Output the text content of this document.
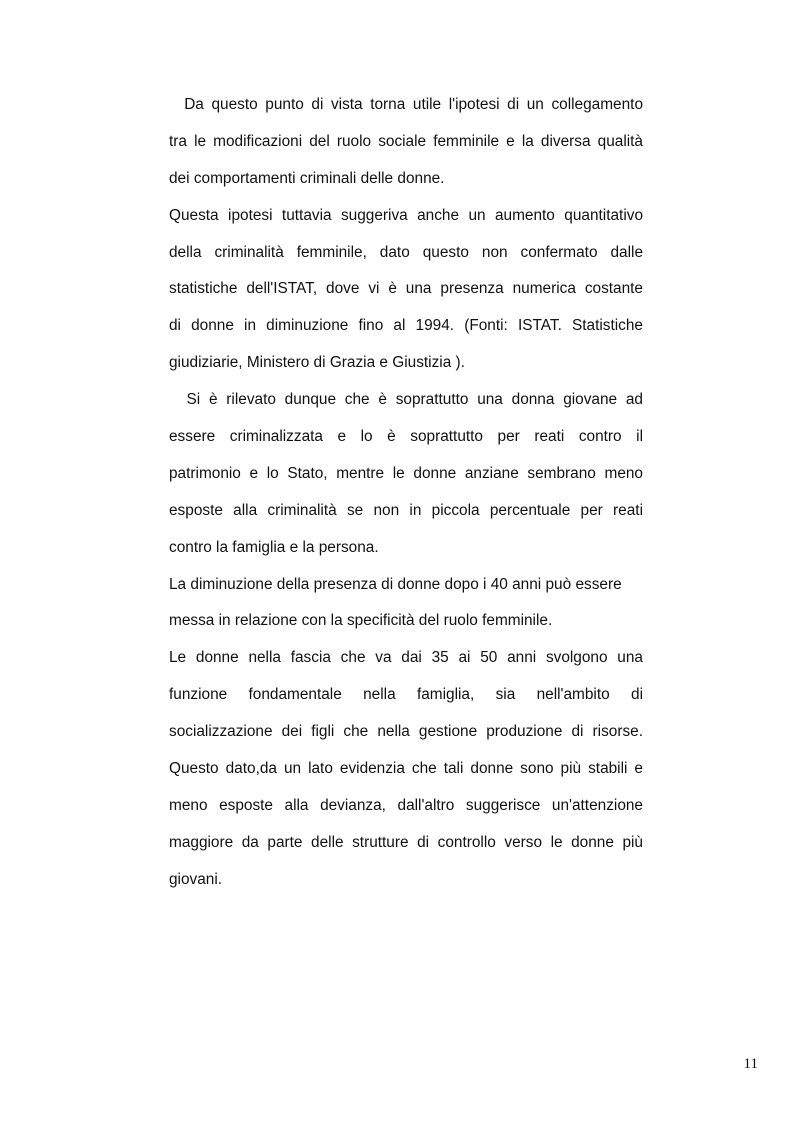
Da questo punto di vista torna utile l'ipotesi di un collegamento
tra le modificazioni del ruolo sociale femminile e la diversa qualità
dei comportamenti criminali delle donne.
Questa ipotesi tuttavia suggeriva anche un aumento quantitativo
della criminalità femminile, dato questo non confermato dalle
statistiche dell'ISTAT, dove vi è una presenza numerica costante
di donne in diminuzione fino al 1994. (Fonti: ISTAT. Statistiche
giudiziarie, Ministero di Grazia e Giustizia ).
Si è rilevato dunque che è soprattutto una donna giovane ad
essere criminalizzata e lo è soprattutto per reati contro il
patrimonio e lo Stato, mentre le donne anziane sembrano meno
esposte alla criminalità se non in piccola percentuale per reati
contro la famiglia e la persona.
La diminuzione della presenza di donne dopo i 40 anni può essere
messa in relazione con la specificità del ruolo femminile.
Le donne nella fascia che va dai 35 ai 50 anni svolgono una
funzione fondamentale nella famiglia, sia nell'ambito di
socializzazione dei figli che nella gestione produzione di risorse.
Questo dato,da un lato evidenzia che tali donne sono più stabili e
meno esposte alla devianza, dall'altro suggerisce un'attenzione
maggiore da parte delle strutture di controllo verso le donne più
giovani.
11
